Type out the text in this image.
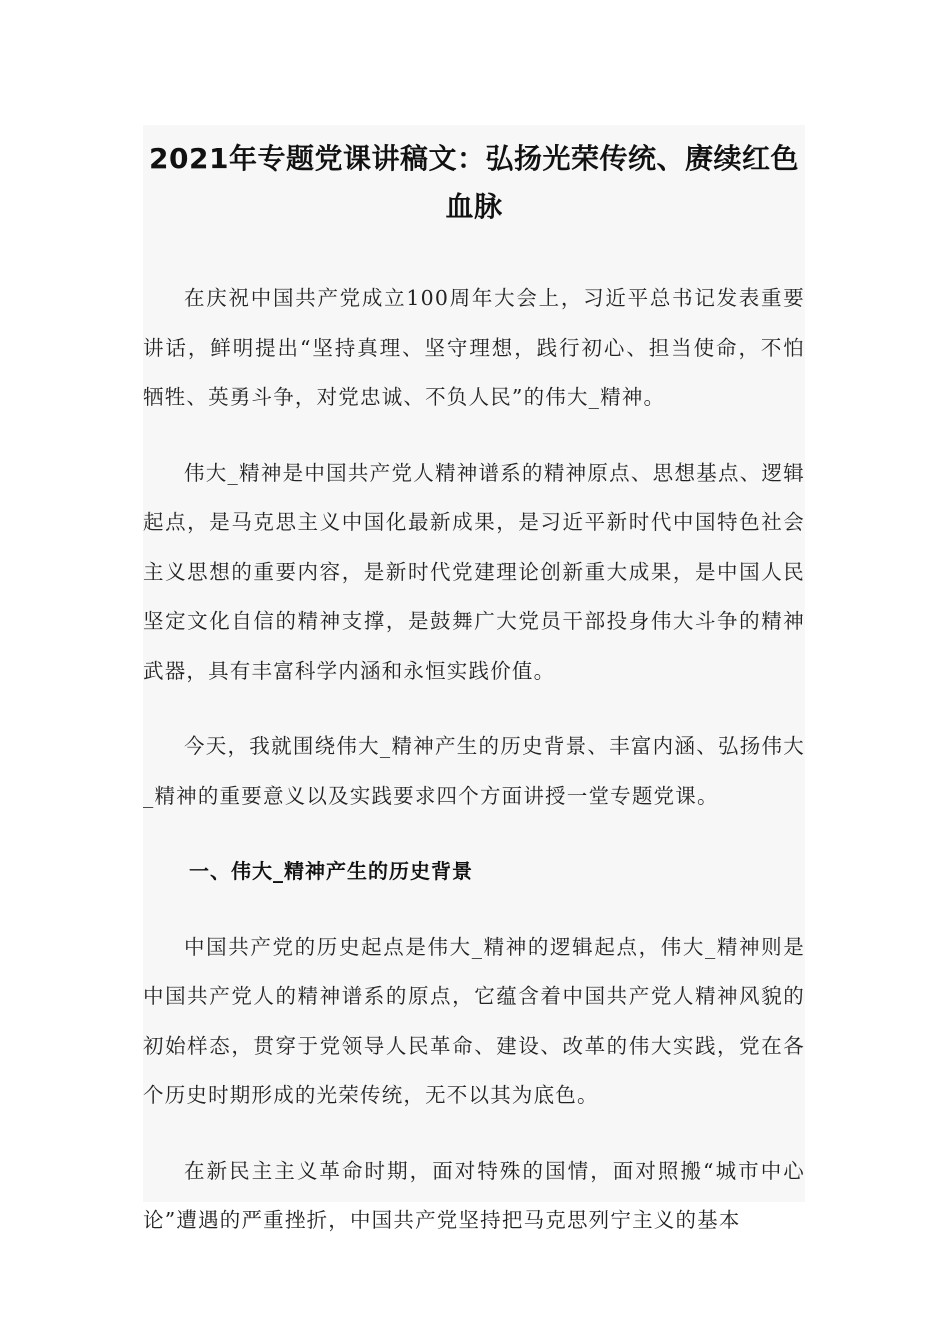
2021年专题党课讲稿文：弘扬光荣传统、赓续红色
血脉

在庆祝中国共产党成立100周年大会上，习近平总书记发表重要讲话，鲜明提出“坚持真理、坚守理想，践行初心、担当使命，不怕牺牲、英勇斗争，对党忠诚、不负人民”的伟大_精神。

伟大_精神是中国共产党人精神谱系的精神原点、思想基点、逻辑起点，是马克思主义中国化最新成果，是习近平新时代中国特色社会主义思想的重要内容，是新时代党建理论创新重大成果，是中国人民坚定文化自信的精神支撑，是鼓舞广大党员干部投身伟大斗争的精神武器，具有丰富科学内涵和永恒实践价值。

今天，我就围绕伟大_精神产生的历史背景、丰富内涵、弘扬伟大_精神的重要意义以及实践要求四个方面讲授一堂专题党课。

一、伟大_精神产生的历史背景

中国共产党的历史起点是伟大_精神的逻辑起点，伟大_精神则是中国共产党人的精神谱系的原点，它蕴含着中国共产党人精神风貌的初始样态，贯穿于党领导人民革命、建设、改革的伟大实践，党在各个历史时期形成的光荣传统，无不以其为底色。

在新民主主义革命时期，面对特殊的国情，面对照搬“城市中心论”遭遇的严重挫折，中国共产党坚持把马克思列宁主义的基本
